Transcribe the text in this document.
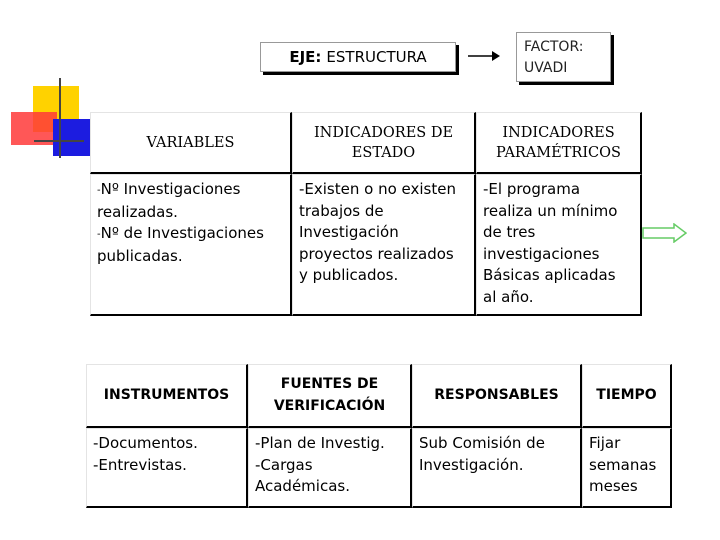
EJE: ESTRUCTURA
FACTOR:
UVADI
VARIABLES
INDICADORES DE
ESTADO
INDICADORES
PARAMÉTRICOS
-Nº Investigaciones
realizadas.
-Nº de Investigaciones
publicadas.
-Existen o no existen
trabajos de
Investigación
proyectos realizados
y publicados.
-El programa
realiza un mínimo
de tres
investigaciones
Básicas aplicadas
al año.
INSTRUMENTOS
FUENTES DE
VERIFICACIÓN
RESPONSABLES	TIEMPO
-Documentos.
-Entrevistas.
-Plan de Investig.
-Cargas
Académicas.
Sub Comisión de
Investigación.
Fijar
semanas
meses
